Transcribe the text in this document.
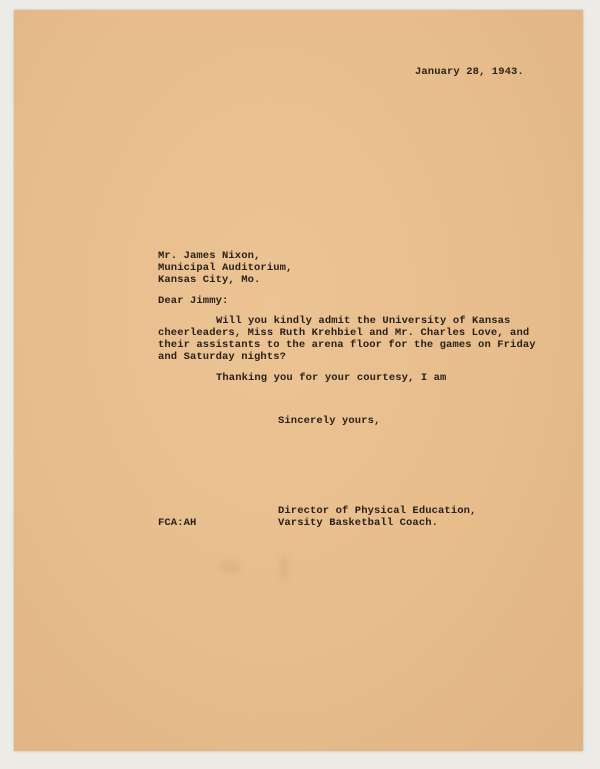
January 28, 1943.
Mr. James Nixon,
Municipal Auditorium,
Kansas City, Mo.
Dear Jimmy:
Will you kindly admit the University of Kansas
cheerleaders, Miss Ruth Krehbiel and Mr. Charles Love, and
their assistants to the arena floor for the games on Friday
and Saturday nights?
Thanking you for your courtesy, I am
Sincerely yours,
Director of Physical Education,
Varsity Basketball Coach.
FCA:AH
